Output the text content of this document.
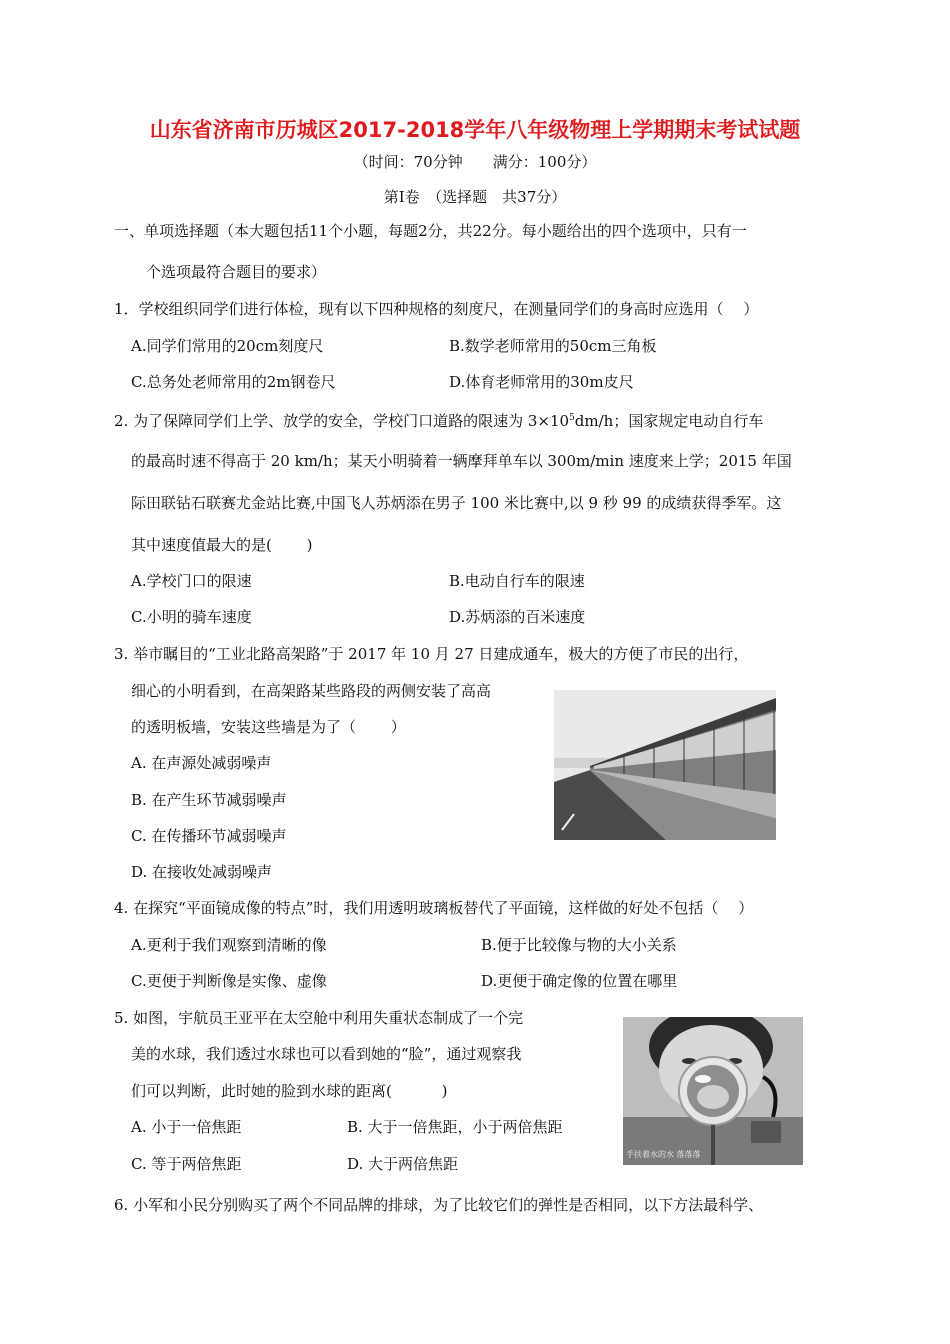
山东省济南市历城区2017-2018学年八年级物理上学期期末考试试题
（时间：70分钟　　满分：100分）
第Ⅰ卷　（选择题　共37分）
一、单项选择题（本大题包括11个小题，每题2分，共22分。每小题给出的四个选项中，只有一
个选项最符合题目的要求）
1．学校组织同学们进行体检，现有以下四种规格的刻度尺，在测量同学们的身高时应选用（　 ）
A.同学们常用的20cm刻度尺	B.数学老师常用的50cm三角板
C.总务处老师常用的2m钢卷尺	D.体育老师常用的30m皮尺
2. 为了保障同学们上学、放学的安全，学校门口道路的限速为 $3\times 10^5dm/h$；国家规定电动自行车
的最高时速不得高于 20 km/h；某天小明骑着一辆摩拜单车以 300m/min 速度来上学；2015 年国
际田联钻石联赛尤金站比赛,中国飞人苏炳添在男子 100 米比赛中,以 9 秒 99 的成绩获得季军。这
其中速度值最大的是(　　 )
A.学校门口的限速	B.电动自行车的限速
C.小明的骑车速度	D.苏炳添的百米速度
3. 举市瞩目的“工业北路高架路”于 2017 年 10 月 27 日建成通车，极大的方便了市民的出行，
细心的小明看到，在高架路某些路段的两侧安装了高高
的透明板墙，安装这些墙是为了（　　 ）
A. 在声源处减弱噪声
B. 在产生环节减弱噪声
C. 在传播环节减弱噪声
D. 在接收处减弱噪声
4. 在探究“平面镜成像的特点”时，我们用透明玻璃板替代了平面镜，这样做的好处不包括（　 ）
A.更利于我们观察到清晰的像	B.便于比较像与物的大小关系
C.更便于判断像是实像、虚像	D.更便于确定像的位置在哪里
5. 如图，宇航员王亚平在太空舱中利用失重状态制成了一个完
美的水球，我们透过水球也可以看到她的“脸”，通过观察我
们可以判断，此时她的脸到水球的距离(　　　 )
A. 小于一倍焦距	B. 大于一倍焦距，小于两倍焦距
C. 等于两倍焦距	D. 大于两倍焦距
手扶着水的水 落落落
6. 小军和小民分别购买了两个不同品牌的排球，为了比较它们的弹性是否相同，以下方法最科学、
